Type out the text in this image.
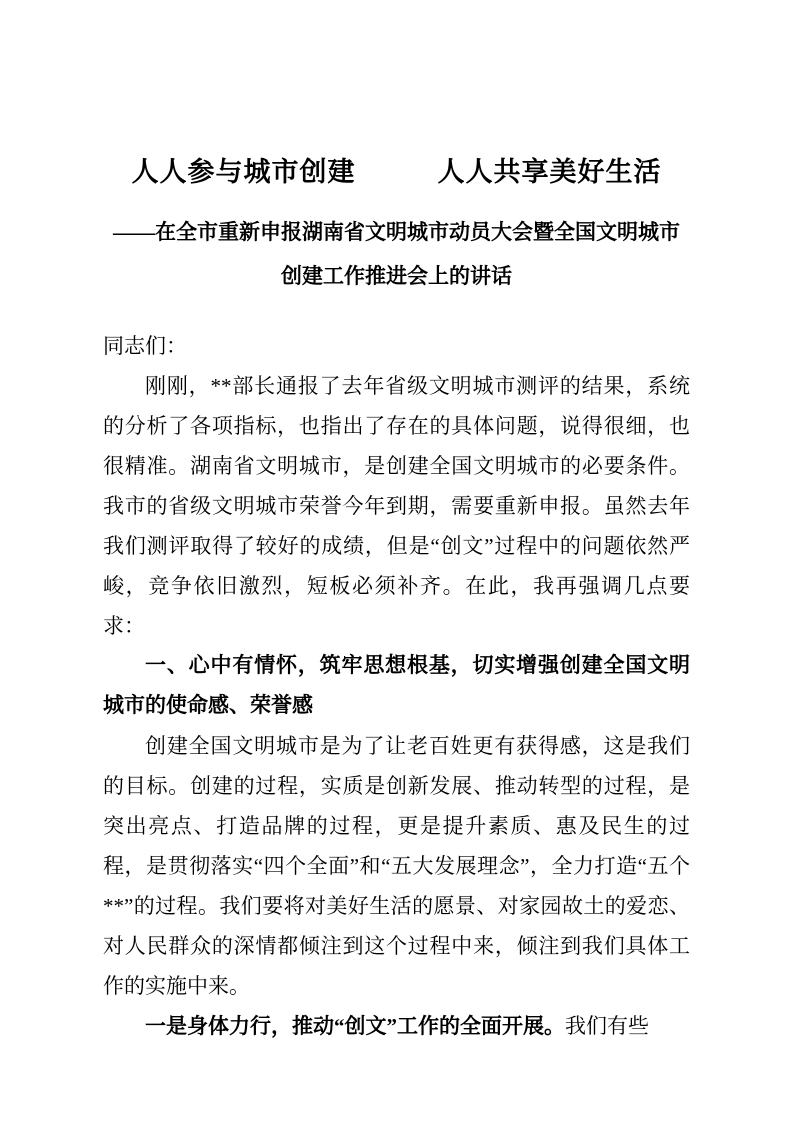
人人参与城市创建	人人共享美好生活
——在全市重新申报湖南省文明城市动员大会暨全国文明城市
创建工作推进会上的讲话

同志们：

刚刚，**部长通报了去年省级文明城市测评的结果，系统的分析了各项指标，也指出了存在的具体问题，说得很细，也很精准。湖南省文明城市，是创建全国文明城市的必要条件。我市的省级文明城市荣誉今年到期，需要重新申报。虽然去年我们测评取得了较好的成绩，但是“创文”过程中的问题依然严峻，竞争依旧激烈，短板必须补齐。在此，我再强调几点要求：

一、心中有情怀，筑牢思想根基，切实增强创建全国文明城市的使命感、荣誉感

创建全国文明城市是为了让老百姓更有获得感，这是我们的目标。创建的过程，实质是创新发展、推动转型的过程，是突出亮点、打造品牌的过程，更是提升素质、惠及民生的过程，是贯彻落实“四个全面”和“五大发展理念”，全力打造“五个**”的过程。我们要将对美好生活的愿景、对家园故土的爱恋、对人民群众的深情都倾注到这个过程中来，倾注到我们具体工作的实施中来。

一是身体力行，推动“创文”工作的全面开展。我们有些
